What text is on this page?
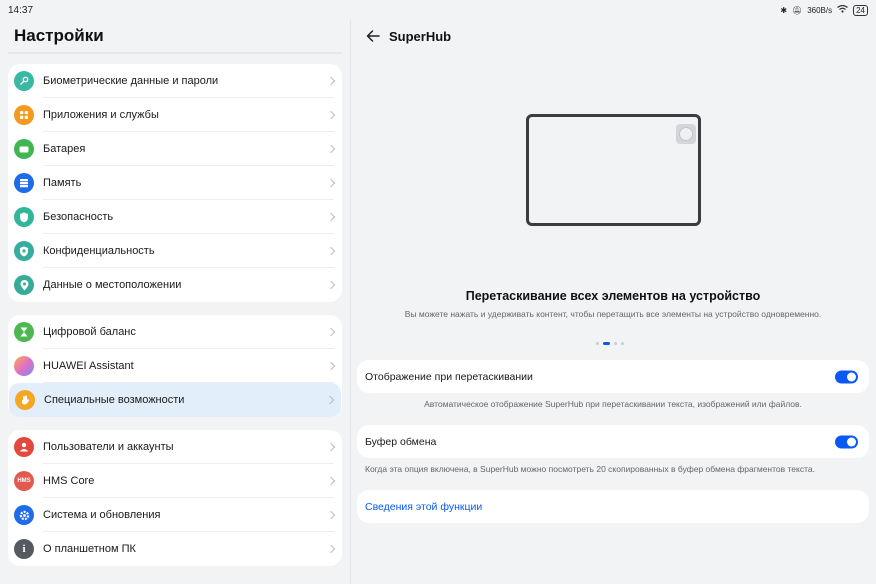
14:37	✱ 🔕︎ 360B/s	24
Настройки
Биометрические данные и пароли
Приложения и службы
Батарея
Память
Безопасность
Конфиденциальность
Данные о местоположении
Цифровой баланс
HUAWEI Assistant
Специальные возможности
Пользователи и аккаунты
HMS	HMS Core
Система и обновления
i	О планшетном ПК
SuperHub
Перетаскивание всех элементов на устройство
Вы можете нажать и удерживать контент, чтобы перетащить все элементы на устройство одновременно.
Отображение при перетаскивании
Автоматическое отображение SuperHub при перетаскивании текста, изображений или файлов.
Буфер обмена
Когда эта опция включена, в SuperHub можно посмотреть 20 скопированных в буфер обмена фрагментов текста.
Сведения этой функции
